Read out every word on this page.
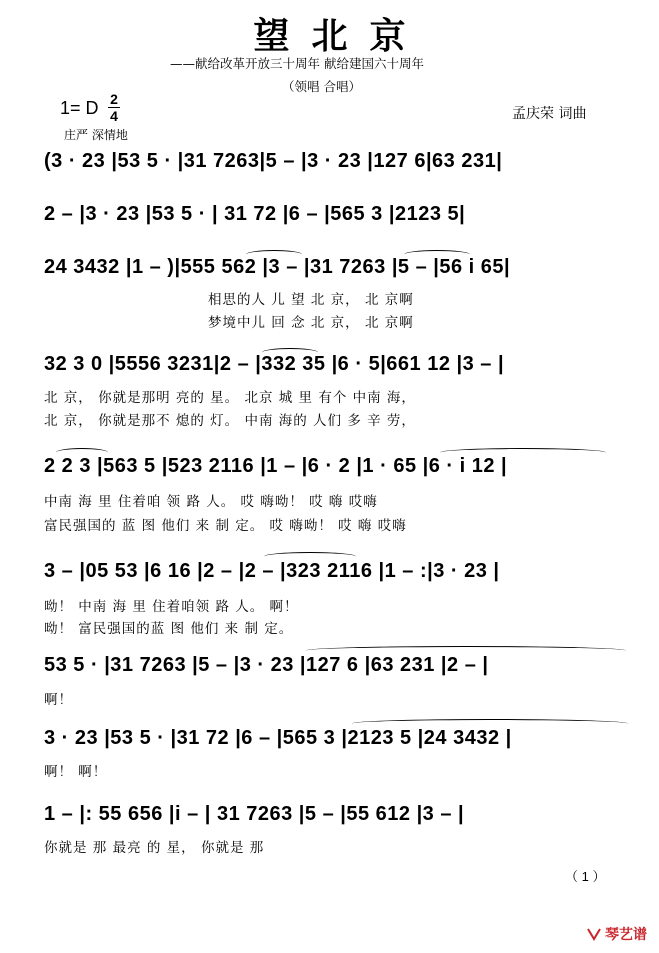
望北京
——献给改革开放三十周年 献给建国六十周年
（领唱 合唱）
1= D 2
4	孟庆荣 词曲
庄严 深情地
(3 · 23 |53 5 · |31 7263|5 – |3 · 23 |127 6|63 231|
2 – |3 · 23 |53 5 · | 31 72 |6 – |565 3 |2123 5|
24 3432 |1 – )|555 562 |3 – |31 7263 |5 – |56 i 65|
相思的人 儿 望 北 京， 北 京啊
梦境中儿 回 念 北 京， 北 京啊
32 3 0 |5556 3231|2 – |332 35 |6 · 5|661 12 |3 – |
北 京， 你就是那明 亮的 星。 北京 城 里 有个 中南 海，
北 京， 你就是那不 熄的 灯。 中南 海的 人们 多 辛 劳，
2 2 3 |563 5 |523 2116 |1 – |6 · 2 |1 · 65 |6 · i 12 |
中南 海 里 住着咱 领 路 人。 哎 嗨呦！ 哎 嗨 哎嗨
富民强国的 蓝 图 他们 来 制 定。 哎 嗨呦！ 哎 嗨 哎嗨
3 – |05 53 |6 16 |2 – |2 – |323 2116 |1 – :|3 · 23 |
呦！ 中南 海 里 住着咱领 路 人。 啊！
呦！ 富民强国的蓝 图 他们 来 制 定。
53 5 · |31 7263 |5 – |3 · 23 |127 6 |63 231 |2 – |
啊！
3 · 23 |53 5 · |31 72 |6 – |565 3 |2123 5 |24 3432 |
啊！ 啊！
1 – |: 55 656 |i – | 31 7263 |5 – |55 612 |3 – |
你就是 那 最亮 的 星， 你就是 那
（ 1 ）
琴艺谱
